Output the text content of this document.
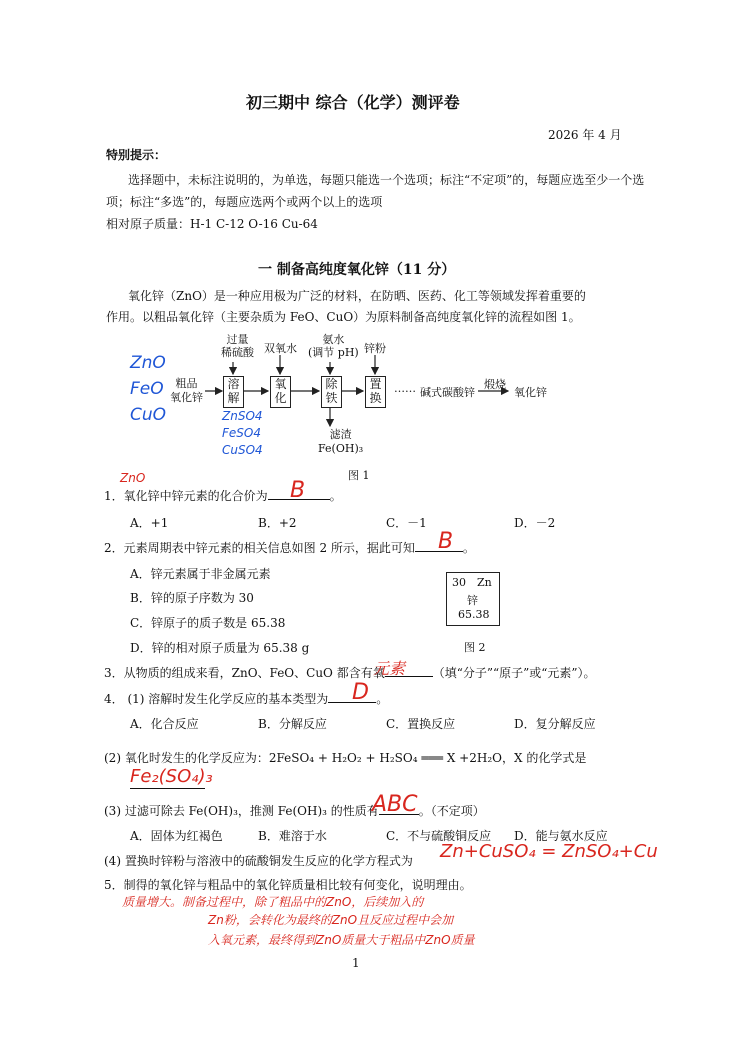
初三期中 综合（化学）测评卷
2026 年 4 月
特别提示：
选择题中，未标注说明的，为单选，每题只能选一个选项；标注“不定项”的，每题应选至少一个选
项；标注“多选”的，每题应选两个或两个以上的选项
相对原子质量：H-1 C-12 O-16 Cu-64
一 制备高纯度氧化锌（11 分）
氧化锌（ZnO）是一种应用极为广泛的材料，在防晒、医药、化工等领域发挥着重要的
作用。以粗品氧化锌（主要杂质为 FeO、CuO）为原料制备高纯度氧化锌的流程如图 1。
过量
稀硫酸 双氧水
氨水
(调节 pH) 锌粉
粗品
氧化锌
溶
解
氧
化
除
铁
置
换
…… 碱式碳酸锌
煅烧
氧化锌
滤渣
Fe(OH)₃
图 1
ZnO
FeO
CuO	ZnSO4
FeSO4
CuSO4
ZnO
1．氧化锌中锌元素的化合价为	。
B
A．+1	B．+2	C．－1	D．－2
2．元素周期表中锌元素的相关信息如图 2 所示，据此可知	。
B
A．锌元素属于非金属元素
B．锌的原子序数为 30
C．锌原子的质子数是 65.38
D．锌的相对原子质量为 65.38 g
30 Zn
锌
65.38
图 2
3．从物质的组成来看，ZnO、FeO、CuO 都含有氧	（填“分子”“原子”或“元素”）。
元素
4． (1) 溶解时发生化学反应的基本类型为	。
D
A．化合反应	B．分解反应	C．置换反应	D．复分解反应
(2) 氧化时发生的化学反应为：2FeSO₄ + H₂O₂ + H₂SO₄ ═══ X +2H₂O，X 的化学式是
Fe₂(SO₄)₃
(3) 过滤可除去 Fe(OH)₃，推测 Fe(OH)₃ 的性质有	。（不定项）
ABC
A．固体为红褐色	B．难溶于水	C．不与硫酸铜反应 D．能与氨水反应
(4) 置换时锌粉与溶液中的硫酸铜发生反应的化学方程式为 Zn+CuSO₄ = ZnSO₄+Cu
5．制得的氧化锌与粗品中的氧化锌质量相比较有何变化，说明理由。
质量增大。制备过程中，除了粗品中的ZnO，后续加入的
Zn粉，会转化为最终的ZnO且反应过程中会加
入氧元素，最终得到ZnO质量大于粗品中ZnO质量
1
